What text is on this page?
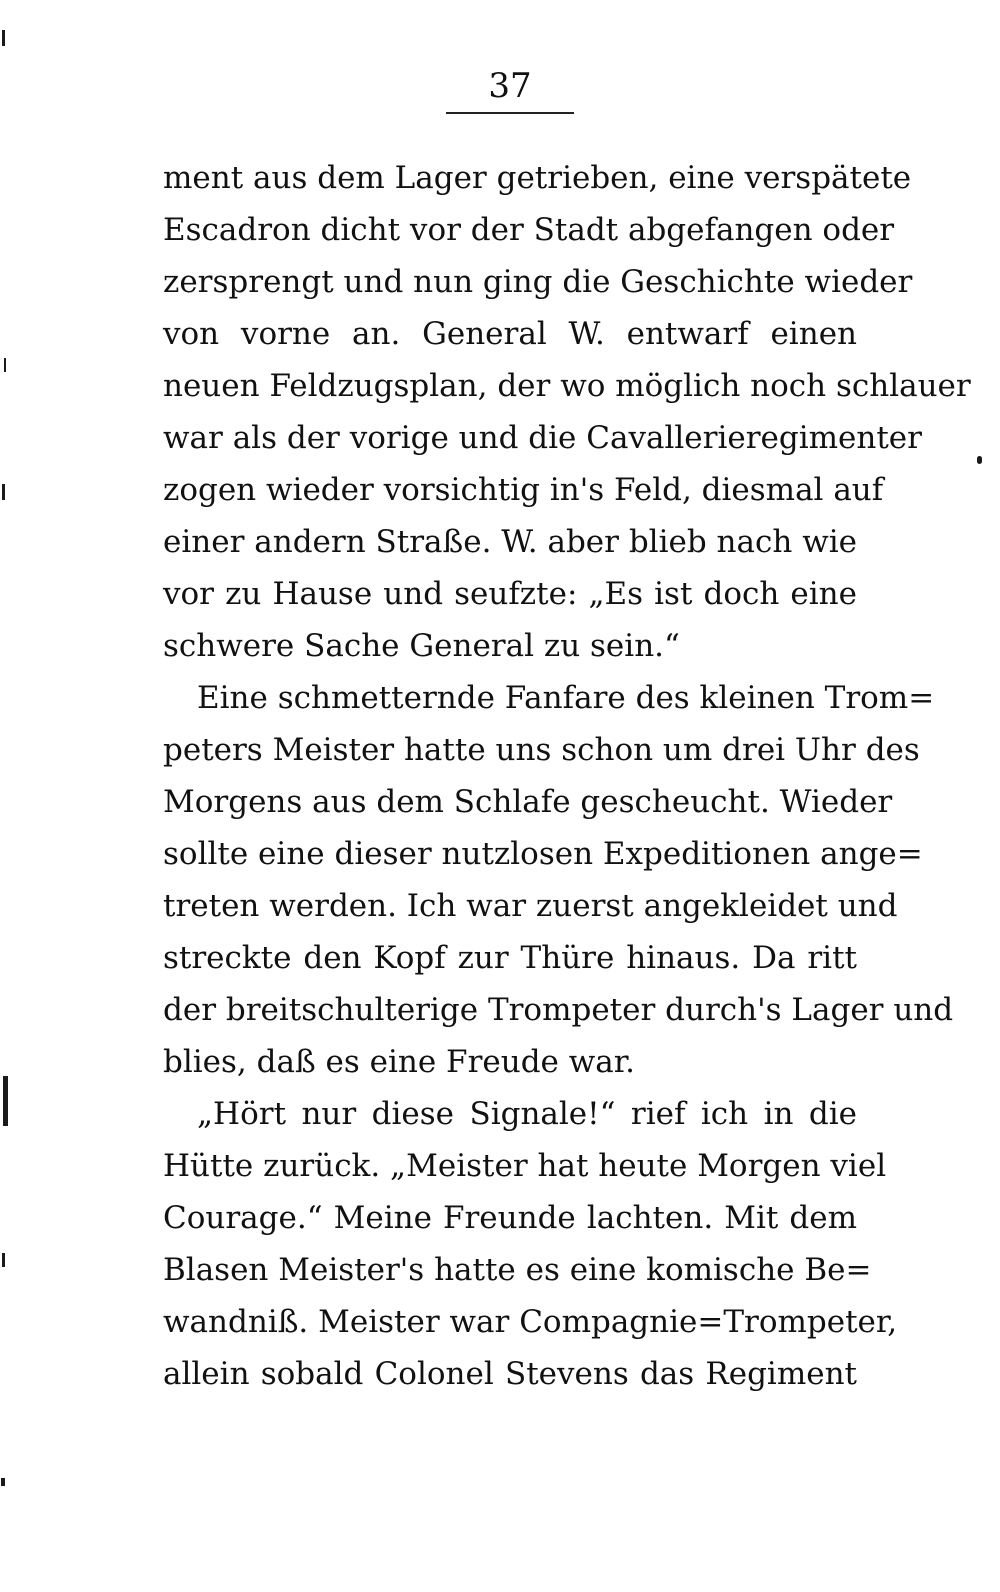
37
ment aus dem Lager getrieben, eine verspätete
Escadron dicht vor der Stadt abgefangen oder
zersprengt und nun ging die Geschichte wieder
von vorne an. General W. entwarf einen
neuen Feldzugsplan, der wo möglich noch schlauer
war als der vorige und die Cavallerieregimenter
zogen wieder vorsichtig in's Feld, diesmal auf
einer andern Straße. W. aber blieb nach wie
vor zu Hause und seufzte: „Es ist doch eine
schwere Sache General zu sein.“
Eine schmetternde Fanfare des kleinen Trom=
peters Meister hatte uns schon um drei Uhr des
Morgens aus dem Schlafe gescheucht. Wieder
sollte eine dieser nutzlosen Expeditionen ange=
treten werden. Ich war zuerst angekleidet und
streckte den Kopf zur Thüre hinaus. Da ritt
der breitschulterige Trompeter durch's Lager und
blies, daß es eine Freude war.
„Hört nur diese Signale!“ rief ich in die
Hütte zurück. „Meister hat heute Morgen viel
Courage.“ Meine Freunde lachten. Mit dem
Blasen Meister's hatte es eine komische Be=
wandniß. Meister war Compagnie=Trompeter,
allein sobald Colonel Stevens das Regiment
